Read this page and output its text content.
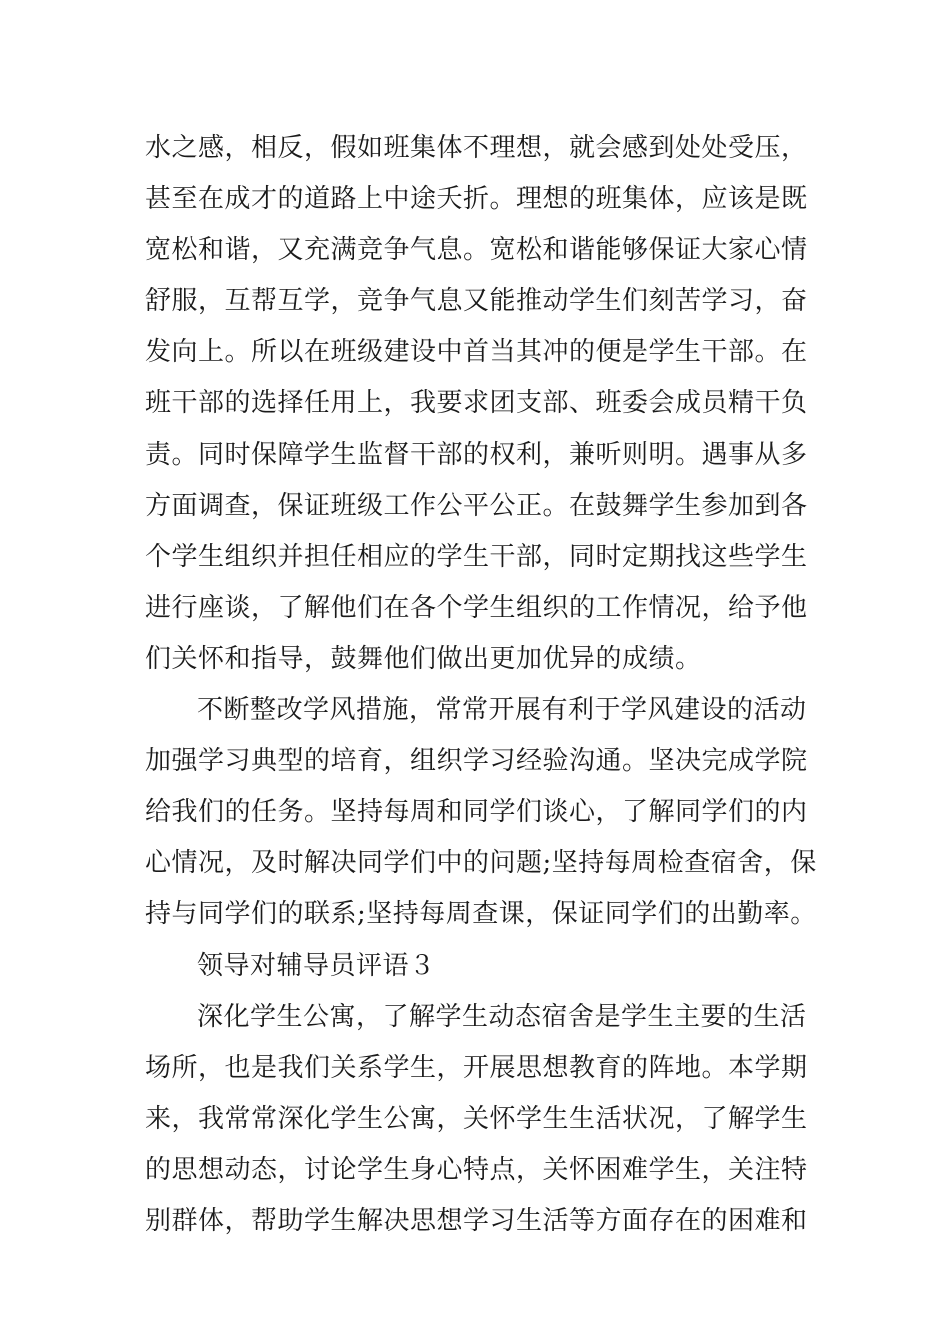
水之感，相反，假如班集体不理想，就会感到处处受压，
甚至在成才的道路上中途夭折。理想的班集体，应该是既
宽松和谐，又充满竞争气息。宽松和谐能够保证大家心情
舒服，互帮互学，竞争气息又能推动学生们刻苦学习，奋
发向上。所以在班级建设中首当其冲的便是学生干部。在
班干部的选择任用上，我要求团支部、班委会成员精干负
责。同时保障学生监督干部的权利，兼听则明。遇事从多
方面调查，保证班级工作公平公正。在鼓舞学生参加到各
个学生组织并担任相应的学生干部，同时定期找这些学生
进行座谈，了解他们在各个学生组织的工作情况，给予他
们关怀和指导，鼓舞他们做出更加优异的成绩。
不断整改学风措施，常常开展有利于学风建设的活动
加强学习典型的培育，组织学习经验沟通。坚决完成学院
给我们的任务。坚持每周和同学们谈心，了解同学们的内
心情况，及时解决同学们中的问题;坚持每周检查宿舍，保
持与同学们的联系;坚持每周查课，保证同学们的出勤率。
领导对辅导员评语３
深化学生公寓，了解学生动态宿舍是学生主要的生活
场所，也是我们关系学生，开展思想教育的阵地。本学期
来，我常常深化学生公寓，关怀学生生活状况，了解学生
的思想动态，讨论学生身心特点，关怀困难学生，关注特
别群体，帮助学生解决思想学习生活等方面存在的困难和
